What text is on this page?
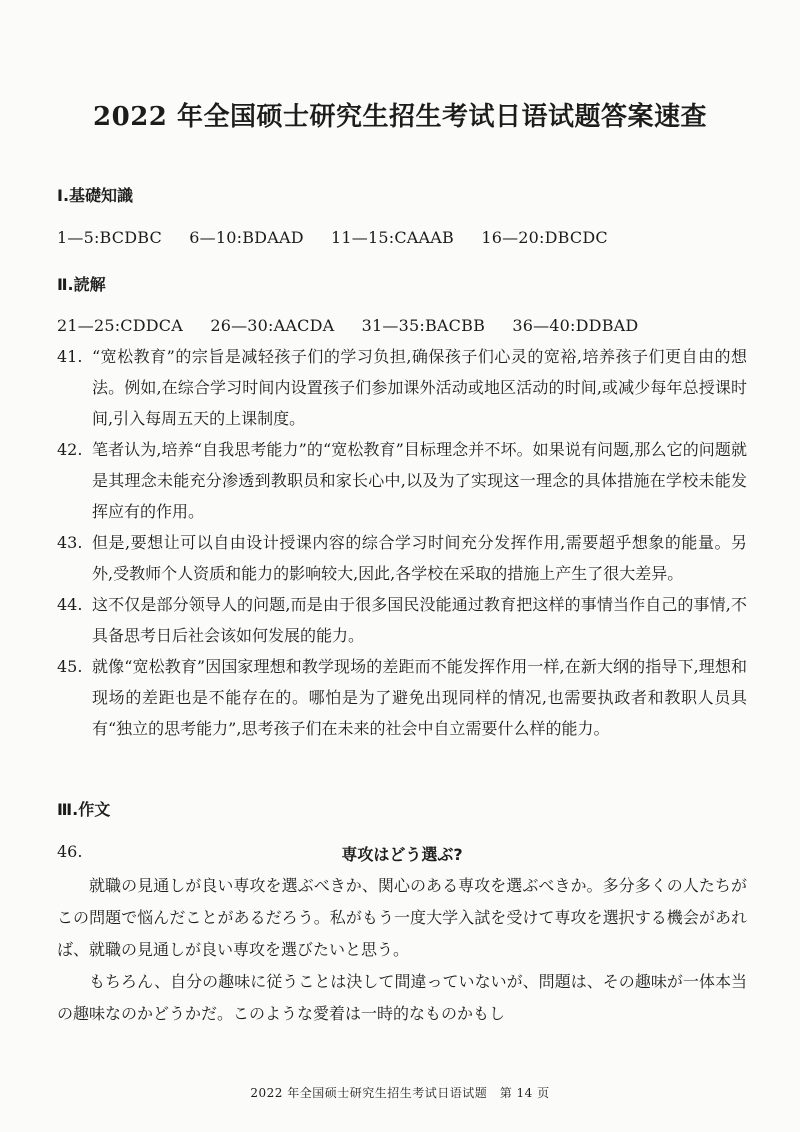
2022 年全国硕士研究生招生考试日语试题答案速查
Ⅰ.基礎知識
1—5:BCDBC 6—10:BDAAD 11—15:CAAAB 16—20:DBCDC
Ⅱ.読解
21—25:CDDCA 26—30:AACDA 31—35:BACBB 36—40:DDBAD
41. “宽松教育”的宗旨是减轻孩子们的学习负担,确保孩子们心灵的宽裕,培养孩子们更自由的想法。例如,在综合学习时间内设置孩子们参加课外活动或地区活动的时间,或减少每年总授课时间,引入每周五天的上课制度。
42. 笔者认为,培养“自我思考能力”的“宽松教育”目标理念并不坏。如果说有问题,那么它的问题就是其理念未能充分渗透到教职员和家长心中,以及为了实现这一理念的具体措施在学校未能发挥应有的作用。
43. 但是,要想让可以自由设计授课内容的综合学习时间充分发挥作用,需要超乎想象的能量。另外,受教师个人资质和能力的影响较大,因此,各学校在采取的措施上产生了很大差异。
44. 这不仅是部分领导人的问题,而是由于很多国民没能通过教育把这样的事情当作自己的事情,不具备思考日后社会该如何发展的能力。
45. 就像“宽松教育”因国家理想和教学现场的差距而不能发挥作用一样,在新大纲的指导下,理想和现场的差距也是不能存在的。哪怕是为了避免出现同样的情况,也需要执政者和教职人员具有“独立的思考能力”,思考孩子们在未来的社会中自立需要什么样的能力。
Ⅲ.作文
46.	専攻はどう選ぶ?

就職の見通しが良い専攻を選ぶべきか、関心のある専攻を選ぶべきか。多分多くの人たちがこの問題で悩んだことがあるだろう。私がもう一度大学入試を受けて専攻を選択する機会があれば、就職の見通しが良い専攻を選びたいと思う。

もちろん、自分の趣味に従うことは決して間違っていないが、問題は、その趣味が一体本当の趣味なのかどうかだ。このような愛着は一時的なものかもし

2022 年全国硕士研究生招生考试日语试题　第 14 页
